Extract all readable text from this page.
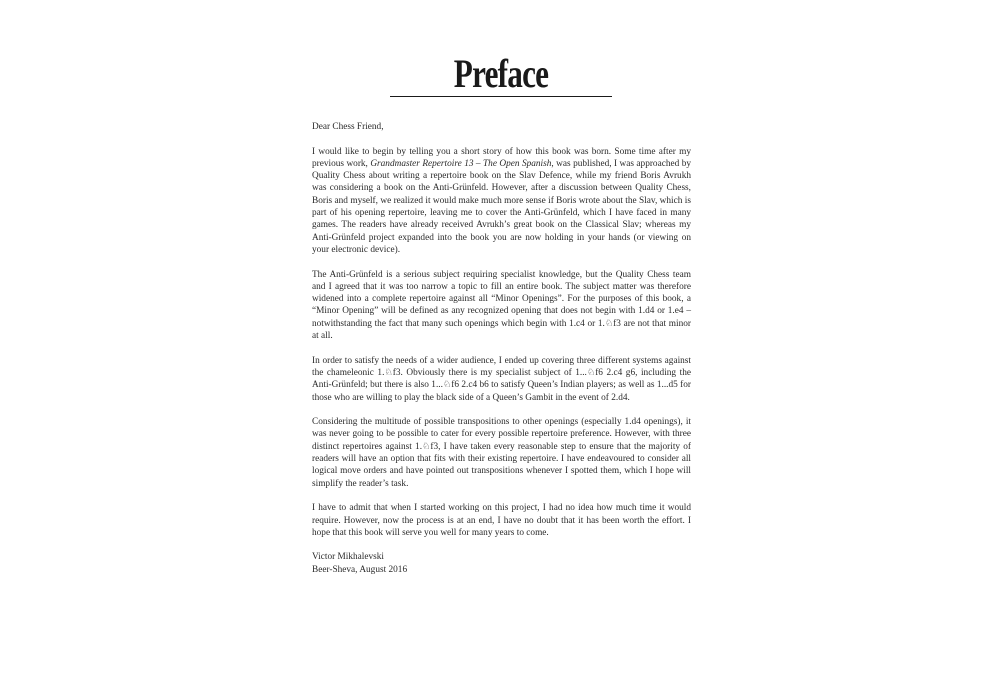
Preface

Dear Chess Friend,

I would like to begin by telling you a short story of how this book was born. Some time after my previous work, Grandmaster Repertoire 13 – The Open Spanish, was published, I was approached by Quality Chess about writing a repertoire book on the Slav Defence, while my friend Boris Avrukh was considering a book on the Anti-Grünfeld. However, after a discussion between Quality Chess, Boris and myself, we realized it would make much more sense if Boris wrote about the Slav, which is part of his opening repertoire, leaving me to cover the Anti-Grünfeld, which I have faced in many games. The readers have already received Avrukh’s great book on the Classical Slav; whereas my Anti-Grünfeld project expanded into the book you are now holding in your hands (or viewing on your electronic device).

The Anti-Grünfeld is a serious subject requiring specialist knowledge, but the Quality Chess team and I agreed that it was too narrow a topic to fill an entire book. The subject matter was therefore widened into a complete repertoire against all “Minor Openings”. For the purposes of this book, a “Minor Opening” will be defined as any recognized opening that does not begin with 1.d4 or 1.e4 – notwithstanding the fact that many such openings which begin with 1.c4 or 1.♘f3 are not that minor at all.

In order to satisfy the needs of a wider audience, I ended up covering three different systems against the chameleonic 1.♘f3. Obviously there is my specialist subject of 1...♘f6 2.c4 g6, including the Anti-Grünfeld; but there is also 1...♘f6 2.c4 b6 to satisfy Queen’s Indian players; as well as 1...d5 for those who are willing to play the black side of a Queen’s Gambit in the event of 2.d4.

Considering the multitude of possible transpositions to other openings (especially 1.d4 openings), it was never going to be possible to cater for every possible repertoire preference. However, with three distinct repertoires against 1.♘f3, I have taken every reasonable step to ensure that the majority of readers will have an option that fits with their existing repertoire. I have endeavoured to consider all logical move orders and have pointed out transpositions whenever I spotted them, which I hope will simplify the reader’s task.

I have to admit that when I started working on this project, I had no idea how much time it would require. However, now the process is at an end, I have no doubt that it has been worth the effort. I hope that this book will serve you well for many years to come.

Victor Mikhalevski

Beer-Sheva, August 2016
